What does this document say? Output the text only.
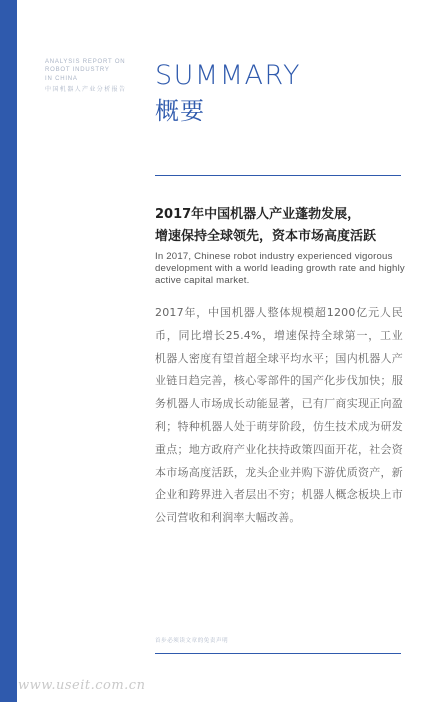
ANALYSIS REPORT ON
ROBOT INDUSTRY
IN CHINA
中国机器人产业分析报告	SUMMARY
概要
2017年中国机器人产业蓬勃发展，
增速保持全球领先，资本市场高度活跃
In 2017, Chinese robot industry experienced vigorous development with a world leading growth rate and highly active capital market.
2017年，中国机器人整体规模超1200亿元人民币，同比增长25.4%，增速保持全球第一，工业机器人密度有望首超全球平均水平；国内机器人产业链日趋完善，核心零部件的国产化步伐加快；服务机器人市场成长动能显著，已有厂商实现正向盈利；特种机器人处于萌芽阶段，仿生技术成为研发重点；地方政府产业化扶持政策四面开花，社会资本市场高度活跃，龙头企业并购下游优质资产，新企业和跨界进入者层出不穷；机器人概念板块上市公司营收和利润率大幅改善。
首步必须读文章的免责声明
www.useit.com.cn
